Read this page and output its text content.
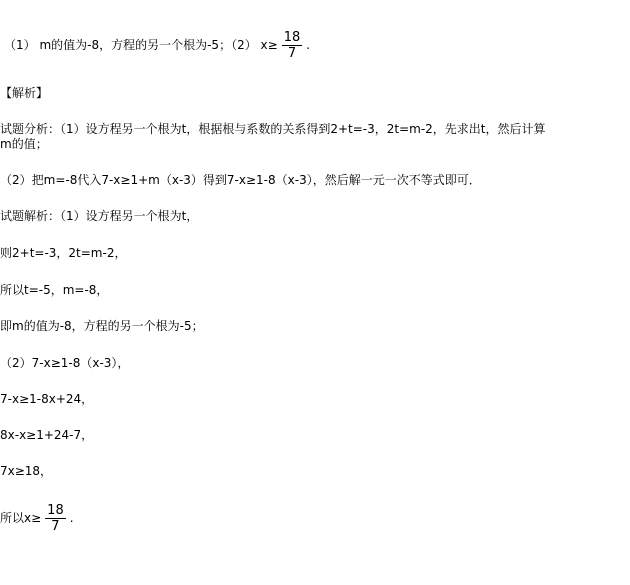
（1） m的值为-8，方程的另一个根为-5；（2） $x\ge \frac{18}{7}$ .
【解析】
试题分析：（1）设方程另一个根为t，根据根与系数的关系得到2+t=-3，2t=m-2，先求出t，然后计算
m的值；
（2）把m=-8代入7-x≥1+m（x-3）得到7-x≥1-8（x-3），然后解一元一次不等式即可．
试题解析：（1）设方程另一个根为t，
则2+t=-3，2t=m-2，
所以t=-5，m=-8，
即m的值为-8，方程的另一个根为-5；
（2）7-x≥1-8（x-3），
7-x≥1-8x+24，
8x-x≥1+24-7，
7x≥18，
所以$x\ge \frac{18}{7}$ .
